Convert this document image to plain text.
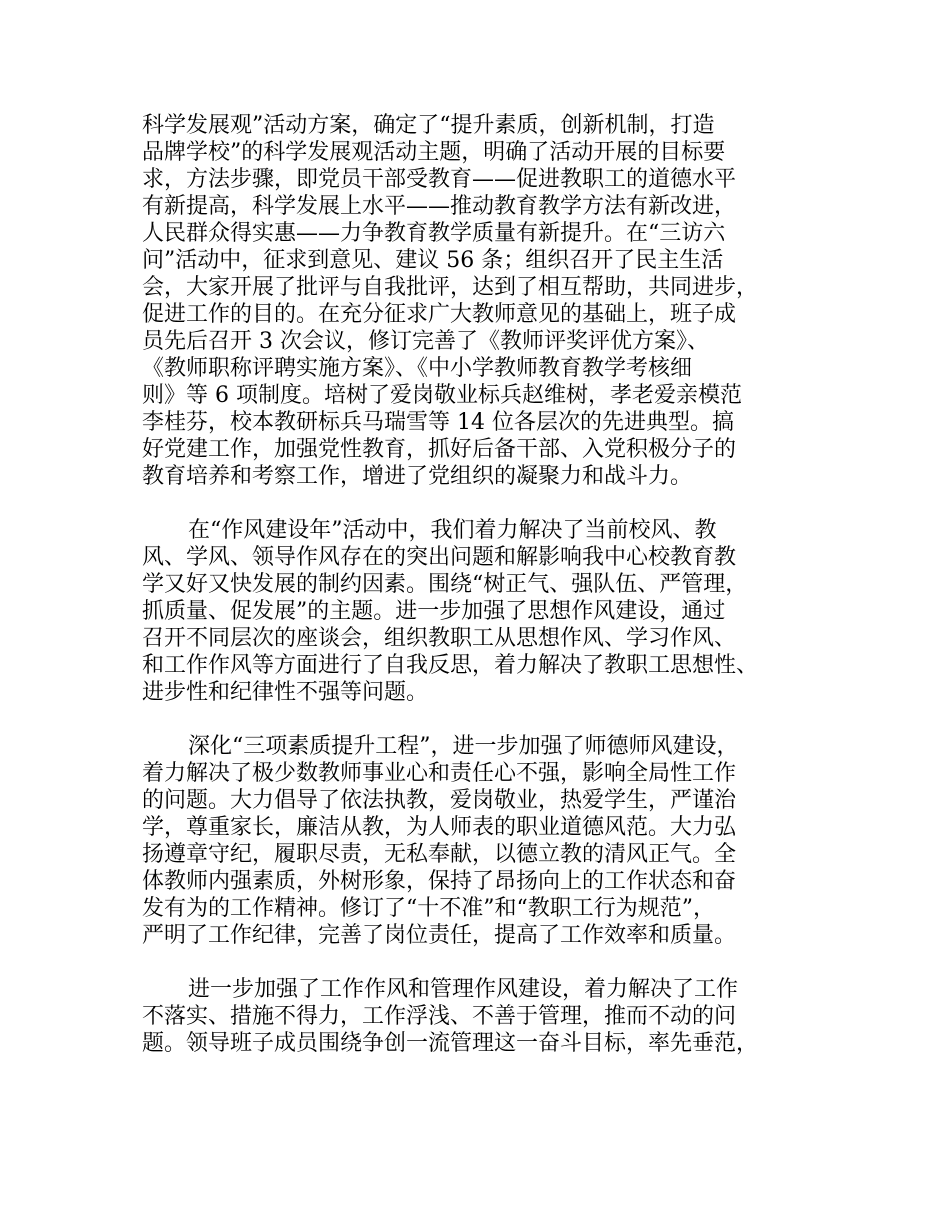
科学发展观”活动方案，确定了“提升素质，创新机制，打造
品牌学校”的科学发展观活动主题，明确了活动开展的目标要
求，方法步骤，即党员干部受教育——促进教职工的道德水平
有新提高，科学发展上水平——推动教育教学方法有新改进，
人民群众得实惠——力争教育教学质量有新提升。在“三访六
问”活动中，征求到意见、建议 56 条；组织召开了民主生活
会，大家开展了批评与自我批评，达到了相互帮助，共同进步，
促进工作的目的。在充分征求广大教师意见的基础上，班子成
员先后召开 3 次会议，修订完善了《教师评奖评优方案》、
《教师职称评聘实施方案》、《中小学教师教育教学考核细
则》等 6 项制度。培树了爱岗敬业标兵赵维树，孝老爱亲模范
李桂芬，校本教研标兵马瑞雪等 14 位各层次的先进典型。搞
好党建工作，加强党性教育，抓好后备干部、入党积极分子的
教育培养和考察工作，增进了党组织的凝聚力和战斗力。
在“作风建设年”活动中，我们着力解决了当前校风、教
风、学风、领导作风存在的突出问题和解影响我中心校教育教
学又好又快发展的制约因素。围绕“树正气、强队伍、严管理，
抓质量、促发展”的主题。进一步加强了思想作风建设，通过
召开不同层次的座谈会，组织教职工从思想作风、学习作风、
和工作作风等方面进行了自我反思，着力解决了教职工思想性、
进步性和纪律性不强等问题。
深化“三项素质提升工程”，进一步加强了师德师风建设，
着力解决了极少数教师事业心和责任心不强，影响全局性工作
的问题。大力倡导了依法执教，爱岗敬业，热爱学生，严谨治
学，尊重家长，廉洁从教，为人师表的职业道德风范。大力弘
扬遵章守纪，履职尽责，无私奉献，以德立教的清风正气。全
体教师内强素质，外树形象，保持了昂扬向上的工作状态和奋
发有为的工作精神。修订了“十不准”和“教职工行为规范”，
严明了工作纪律，完善了岗位责任，提高了工作效率和质量。
进一步加强了工作作风和管理作风建设，着力解决了工作
不落实、措施不得力，工作浮浅、不善于管理，推而不动的问
题。领导班子成员围绕争创一流管理这一奋斗目标，率先垂范，
